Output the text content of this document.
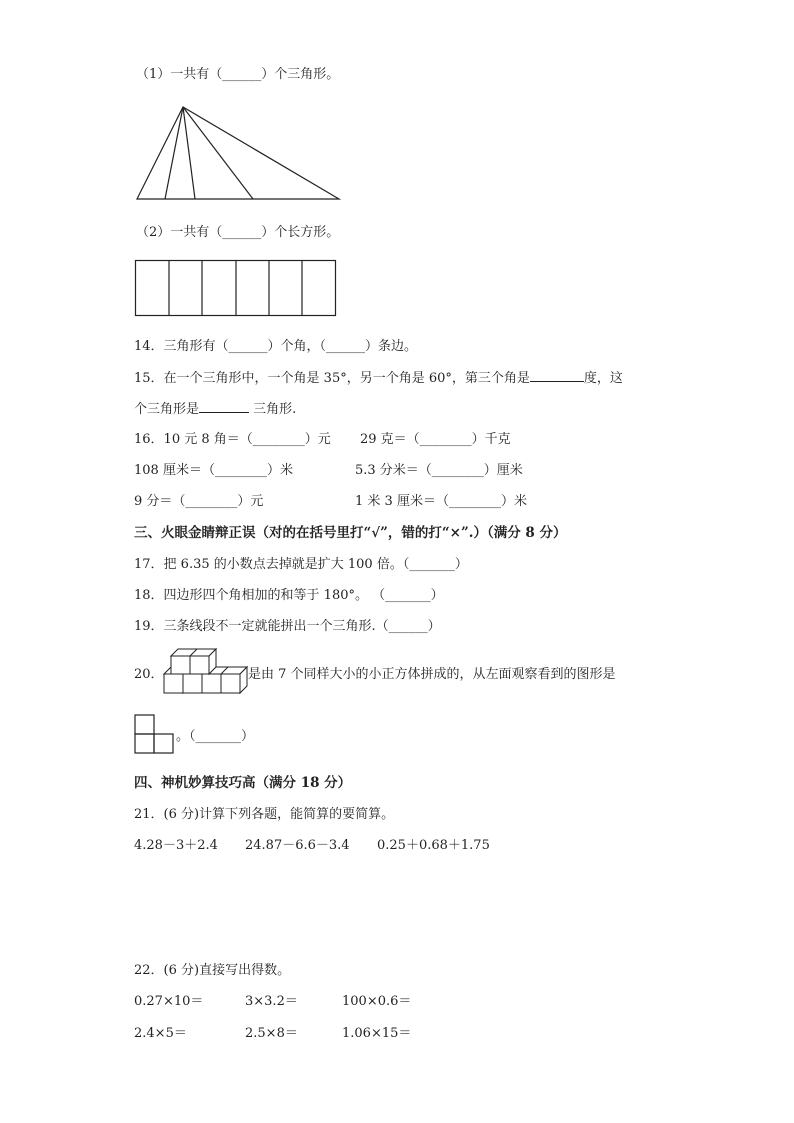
（1）一共有（______）个三角形。
（2）一共有（______）个长方形。
14．三角形有（______）个角，（______）条边。
15．在一个三角形中，一个角是 35°，另一个角是 60°，第三个角是	度，这
个三角形是	三角形.
16．10 元 8 角＝（________）元 29 克＝（________）千克
108 厘米＝（________）米	5.3 分米＝（________）厘米
9 分＝（________）元	1 米 3 厘米＝（________）米
三、火眼金睛辩正误（对的在括号里打“√”，错的打“×”.）（满分 8 分）
17．把 6.35 的小数点去掉就是扩大 100 倍。（_______）
18．四边形四个角相加的和等于 180°。 （_______）
19．三条线段不一定就能拼出一个三角形.（______）
20．	是由 7 个同样大小的小正方体拼成的，从左面观察看到的图形是
。（_______）
四、神机妙算技巧高（满分 18 分）
21．(6 分)计算下列各题，能简算的要简算。
4.28－3＋2.4 24.87－6.6－3.4 0.25＋0.68＋1.75
22．(6 分)直接写出得数。
0.27×10＝	3×3.2＝	100×0.6＝
2.4×5＝	2.5×8＝	1.06×15＝
